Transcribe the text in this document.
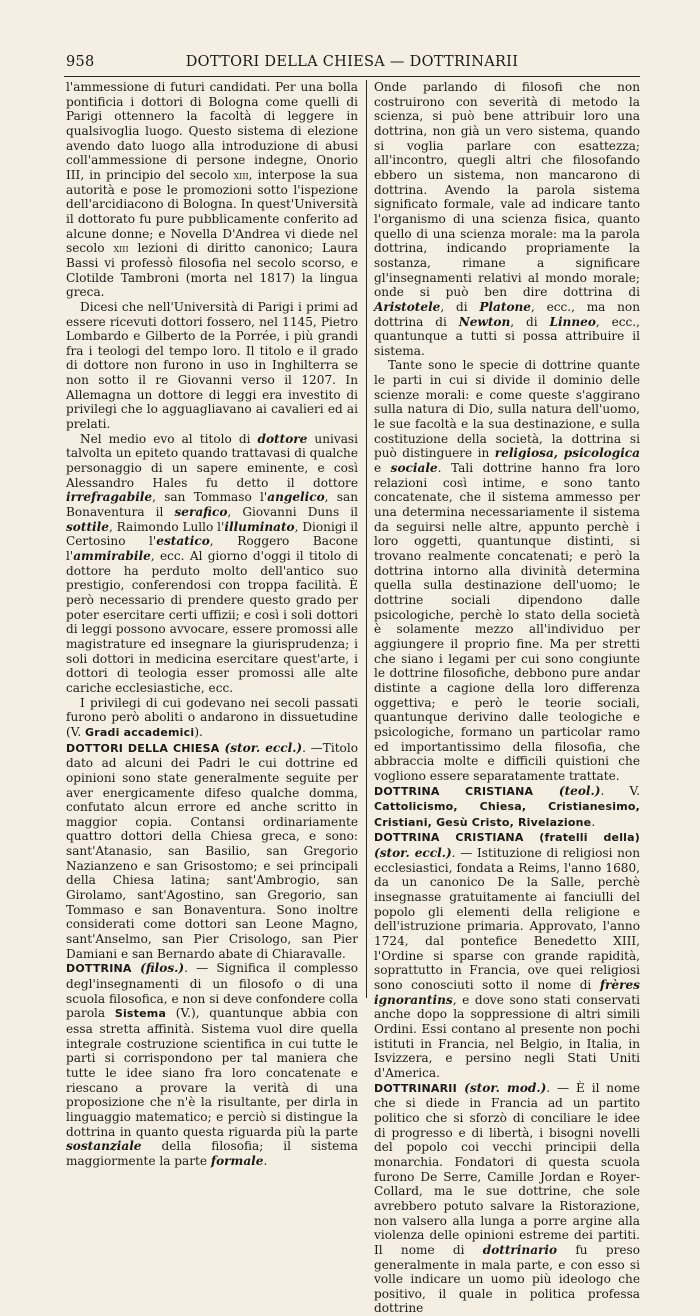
958	DOTTORI DELLA CHIESA — DOTTRINARII

l'ammessione di futuri candidati. Per una bolla pontificia i dottori di Bologna come quelli di Parigi ottennero la facoltà di leggere in qualsivoglia luogo. Questo sistema di elezione avendo dato luogo alla introduzione di abusi coll'ammessione di persone indegne, Onorio III, in principio del secolo xiii, interpose la sua autorità e pose le promozioni sotto l'ispezione dell'arcidiacono di Bologna. In quest'Università il dottorato fu pure pubblicamente conferito ad alcune donne; e Novella D'Andrea vi diede nel secolo xiii lezioni di diritto canonico; Laura Bassi vi professò filosofia nel secolo scorso, e Clotilde Tambroni (morta nel 1817) la lingua greca.

Dicesi che nell'Università di Parigi i primi ad essere ricevuti dottori fossero, nel 1145, Pietro Lombardo e Gilberto de la Porrée, i più grandi fra i teologi del tempo loro. Il titolo e il grado di dottore non furono in uso in Inghilterra se non sotto il re Giovanni verso il 1207. In Allemagna un dottore di leggi era investito di privilegi che lo agguagliavano ai cavalieri ed ai prelati.

Nel medio evo al titolo di dottore univasi talvolta un epiteto quando trattavasi di qualche personaggio di un sapere eminente, e così Alessandro Hales fu detto il dottore irrefragabile, san Tommaso l'angelico, san Bonaventura il serafico, Giovanni Duns il sottile, Raimondo Lullo l'illuminato, Dionigi il Certosino l'estatico, Roggero Bacone l'ammirabile, ecc. Al giorno d'oggi il titolo di dottore ha perduto molto dell'antico suo prestigio, conferendosi con troppa facilità. È però necessario di prendere questo grado per poter esercitare certi uffizii; e così i soli dottori di leggi possono avvocare, essere promossi alle magistrature ed insegnare la giurisprudenza; i soli dottori in medicina esercitare quest'arte, i dottori di teologia esser promossi alle alte cariche ecclesiastiche, ecc.

I privilegi di cui godevano nei secoli passati furono però aboliti o andarono in dissuetudine (V. Gradi accademici).

DOTTORI DELLA CHIESA (stor. eccl.). —Titolo dato ad alcuni dei Padri le cui dottrine ed opinioni sono state generalmente seguite per aver energicamente difeso qualche domma, confutato alcun errore ed anche scritto in maggior copia. Contansi ordinariamente quattro dottori della Chiesa greca, e sono: sant'Atanasio, san Basilio, san Gregorio Nazianzeno e san Grisostomo; e sei principali della Chiesa latina; sant'Ambrogio, san Girolamo, sant'Agostino, san Gregorio, san Tommaso e san Bonaventura. Sono inoltre considerati come dottori san Leone Magno, sant'Anselmo, san Pier Crisologo, san Pier Damiani e san Bernardo abate di Chiaravalle.

DOTTRINA (filos.). — Significa il complesso degl'insegnamenti di un filosofo o di una scuola filosofica, e non si deve confondere colla parola Sistema (V.), quantunque abbia con essa stretta affinità. Sistema vuol dire quella integrale costruzione scientifica in cui tutte le parti si corrispondono per tal maniera che tutte le idee siano fra loro concatenate e riescano a provare la verità di una proposizione che n'è la risultante, per dirla in linguaggio matematico; e perciò si distingue la dottrina in quanto questa riguarda più la parte sostanziale della filosofia; il sistema maggiormente la parte formale.

Onde parlando di filosofi che non costruirono con severità di metodo la scienza, si può bene attribuir loro una dottrina, non già un vero sistema, quando si voglia parlare con esattezza; all'incontro, quegli altri che filosofando ebbero un sistema, non mancarono di dottrina. Avendo la parola sistema significato formale, vale ad indicare tanto l'organismo di una scienza fisica, quanto quello di una scienza morale: ma la parola dottrina, indicando propriamente la sostanza, rimane a significare gl'insegnamenti relativi al mondo morale; onde si può ben dire dottrina di Aristotele, di Platone, ecc., ma non dottrina di Newton, di Linneo, ecc., quantunque a tutti si possa attribuire il sistema.

Tante sono le specie di dottrine quante le parti in cui si divide il dominio delle scienze morali: e come queste s'aggirano sulla natura di Dio, sulla natura dell'uomo, le sue facoltà e la sua destinazione, e sulla costituzione della società, la dottrina si può distinguere in religiosa, psicologica e sociale. Tali dottrine hanno fra loro relazioni così intime, e sono tanto concatenate, che il sistema ammesso per una determina necessariamente il sistema da seguirsi nelle altre, appunto perchè i loro oggetti, quantunque distinti, si trovano realmente concatenati; e però la dottrina intorno alla divinità determina quella sulla destinazione dell'uomo; le dottrine sociali dipendono dalle psicologiche, perchè lo stato della società è solamente mezzo all'individuo per aggiungere il proprio fine. Ma per stretti che siano i legami per cui sono congiunte le dottrine filosofiche, debbono pure andar distinte a cagione della loro differenza oggettiva; e però le teorie sociali, quantunque derivino dalle teologiche e psicologiche, formano un particolar ramo ed importantissimo della filosofia, che abbraccia molte e difficili quistioni che vogliono essere separatamente trattate.

DOTTRINA CRISTIANA (teol.). V. Cattolicismo, Chiesa, Cristianesimo, Cristiani, Gesù Cristo, Rivelazione.

DOTTRINA CRISTIANA (fratelli della) (stor. eccl.). — Istituzione di religiosi non ecclesiastici, fondata a Reims, l'anno 1680, da un canonico De la Salle, perchè insegnasse gratuitamente ai fanciulli del popolo gli elementi della religione e dell'istruzione primaria. Approvato, l'anno 1724, dal pontefice Benedetto XIII, l'Ordine si sparse con grande rapidità, soprattutto in Francia, ove quei religiosi sono conosciuti sotto il nome di frères ignorantins, e dove sono stati conservati anche dopo la soppressione di altri simili Ordini. Essi contano al presente non pochi istituti in Francia, nel Belgio, in Italia, in Isvizzera, e persino negli Stati Uniti d'America.

DOTTRINARII (stor. mod.). — È il nome che si diede in Francia ad un partito politico che si sforzò di conciliare le idee di progresso e di libertà, i bisogni novelli del popolo coi vecchi principii della monarchia. Fondatori di questa scuola furono De Serre, Camille Jordan e Royer-Collard, ma le sue dottrine, che sole avrebbero potuto salvare la Ristorazione, non valsero alla lunga a porre argine alla violenza delle opinioni estreme dei partiti. Il nome di dottrinario fu preso generalmente in mala parte, e con esso si volle indicare un uomo più ideologo che positivo, il quale in politica professa dottrine
